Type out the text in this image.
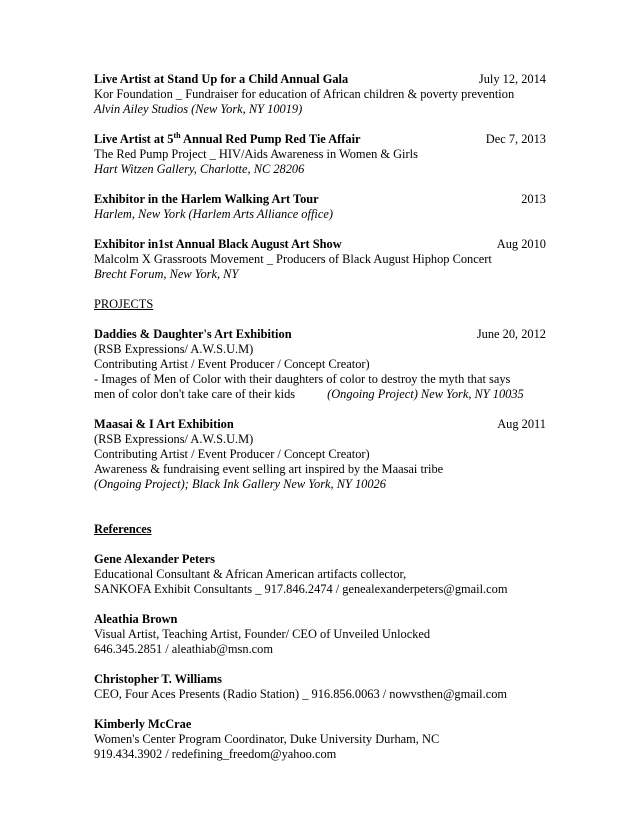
Live Artist at Stand Up for a Child Annual Gala	July 12, 2014
Kor Foundation _ Fundraiser for education of African children & poverty prevention
Alvin Ailey Studios (New York, NY 10019)
Live Artist at 5th Annual Red Pump Red Tie Affair	Dec 7, 2013
The Red Pump Project _ HIV/Aids Awareness in Women & Girls
Hart Witzen Gallery, Charlotte, NC 28206
Exhibitor in the Harlem Walking Art Tour	2013
Harlem, New York (Harlem Arts Alliance office)
Exhibitor in1st Annual Black August Art Show	Aug 2010
Malcolm X Grassroots Movement _ Producers of Black August Hiphop Concert
Brecht Forum, New York, NY
PROJECTS
Daddies & Daughter's Art Exhibition	June 20, 2012
(RSB Expressions/ A.W.S.U.M)
Contributing Artist / Event Producer / Concept Creator)
- Images of Men of Color with their daughters of color to destroy the myth that says
men of color don't take care of their kids	(Ongoing Project) New York, NY 10035
Maasai & I Art Exhibition	Aug 2011
(RSB Expressions/ A.W.S.U.M)
Contributing Artist / Event Producer / Concept Creator)
Awareness & fundraising event selling art inspired by the Maasai tribe
(Ongoing Project); Black Ink Gallery New York, NY 10026
References
Gene Alexander Peters
Educational Consultant & African American artifacts collector,
SANKOFA Exhibit Consultants _ 917.846.2474 / genealexanderpeters@gmail.com
Aleathia Brown
Visual Artist, Teaching Artist, Founder/ CEO of Unveiled Unlocked
646.345.2851 / aleathiab@msn.com
Christopher T. Williams
CEO, Four Aces Presents (Radio Station) _ 916.856.0063 / nowvsthen@gmail.com
Kimberly McCrae
Women's Center Program Coordinator, Duke University Durham, NC
919.434.3902 / redefining_freedom@yahoo.com
